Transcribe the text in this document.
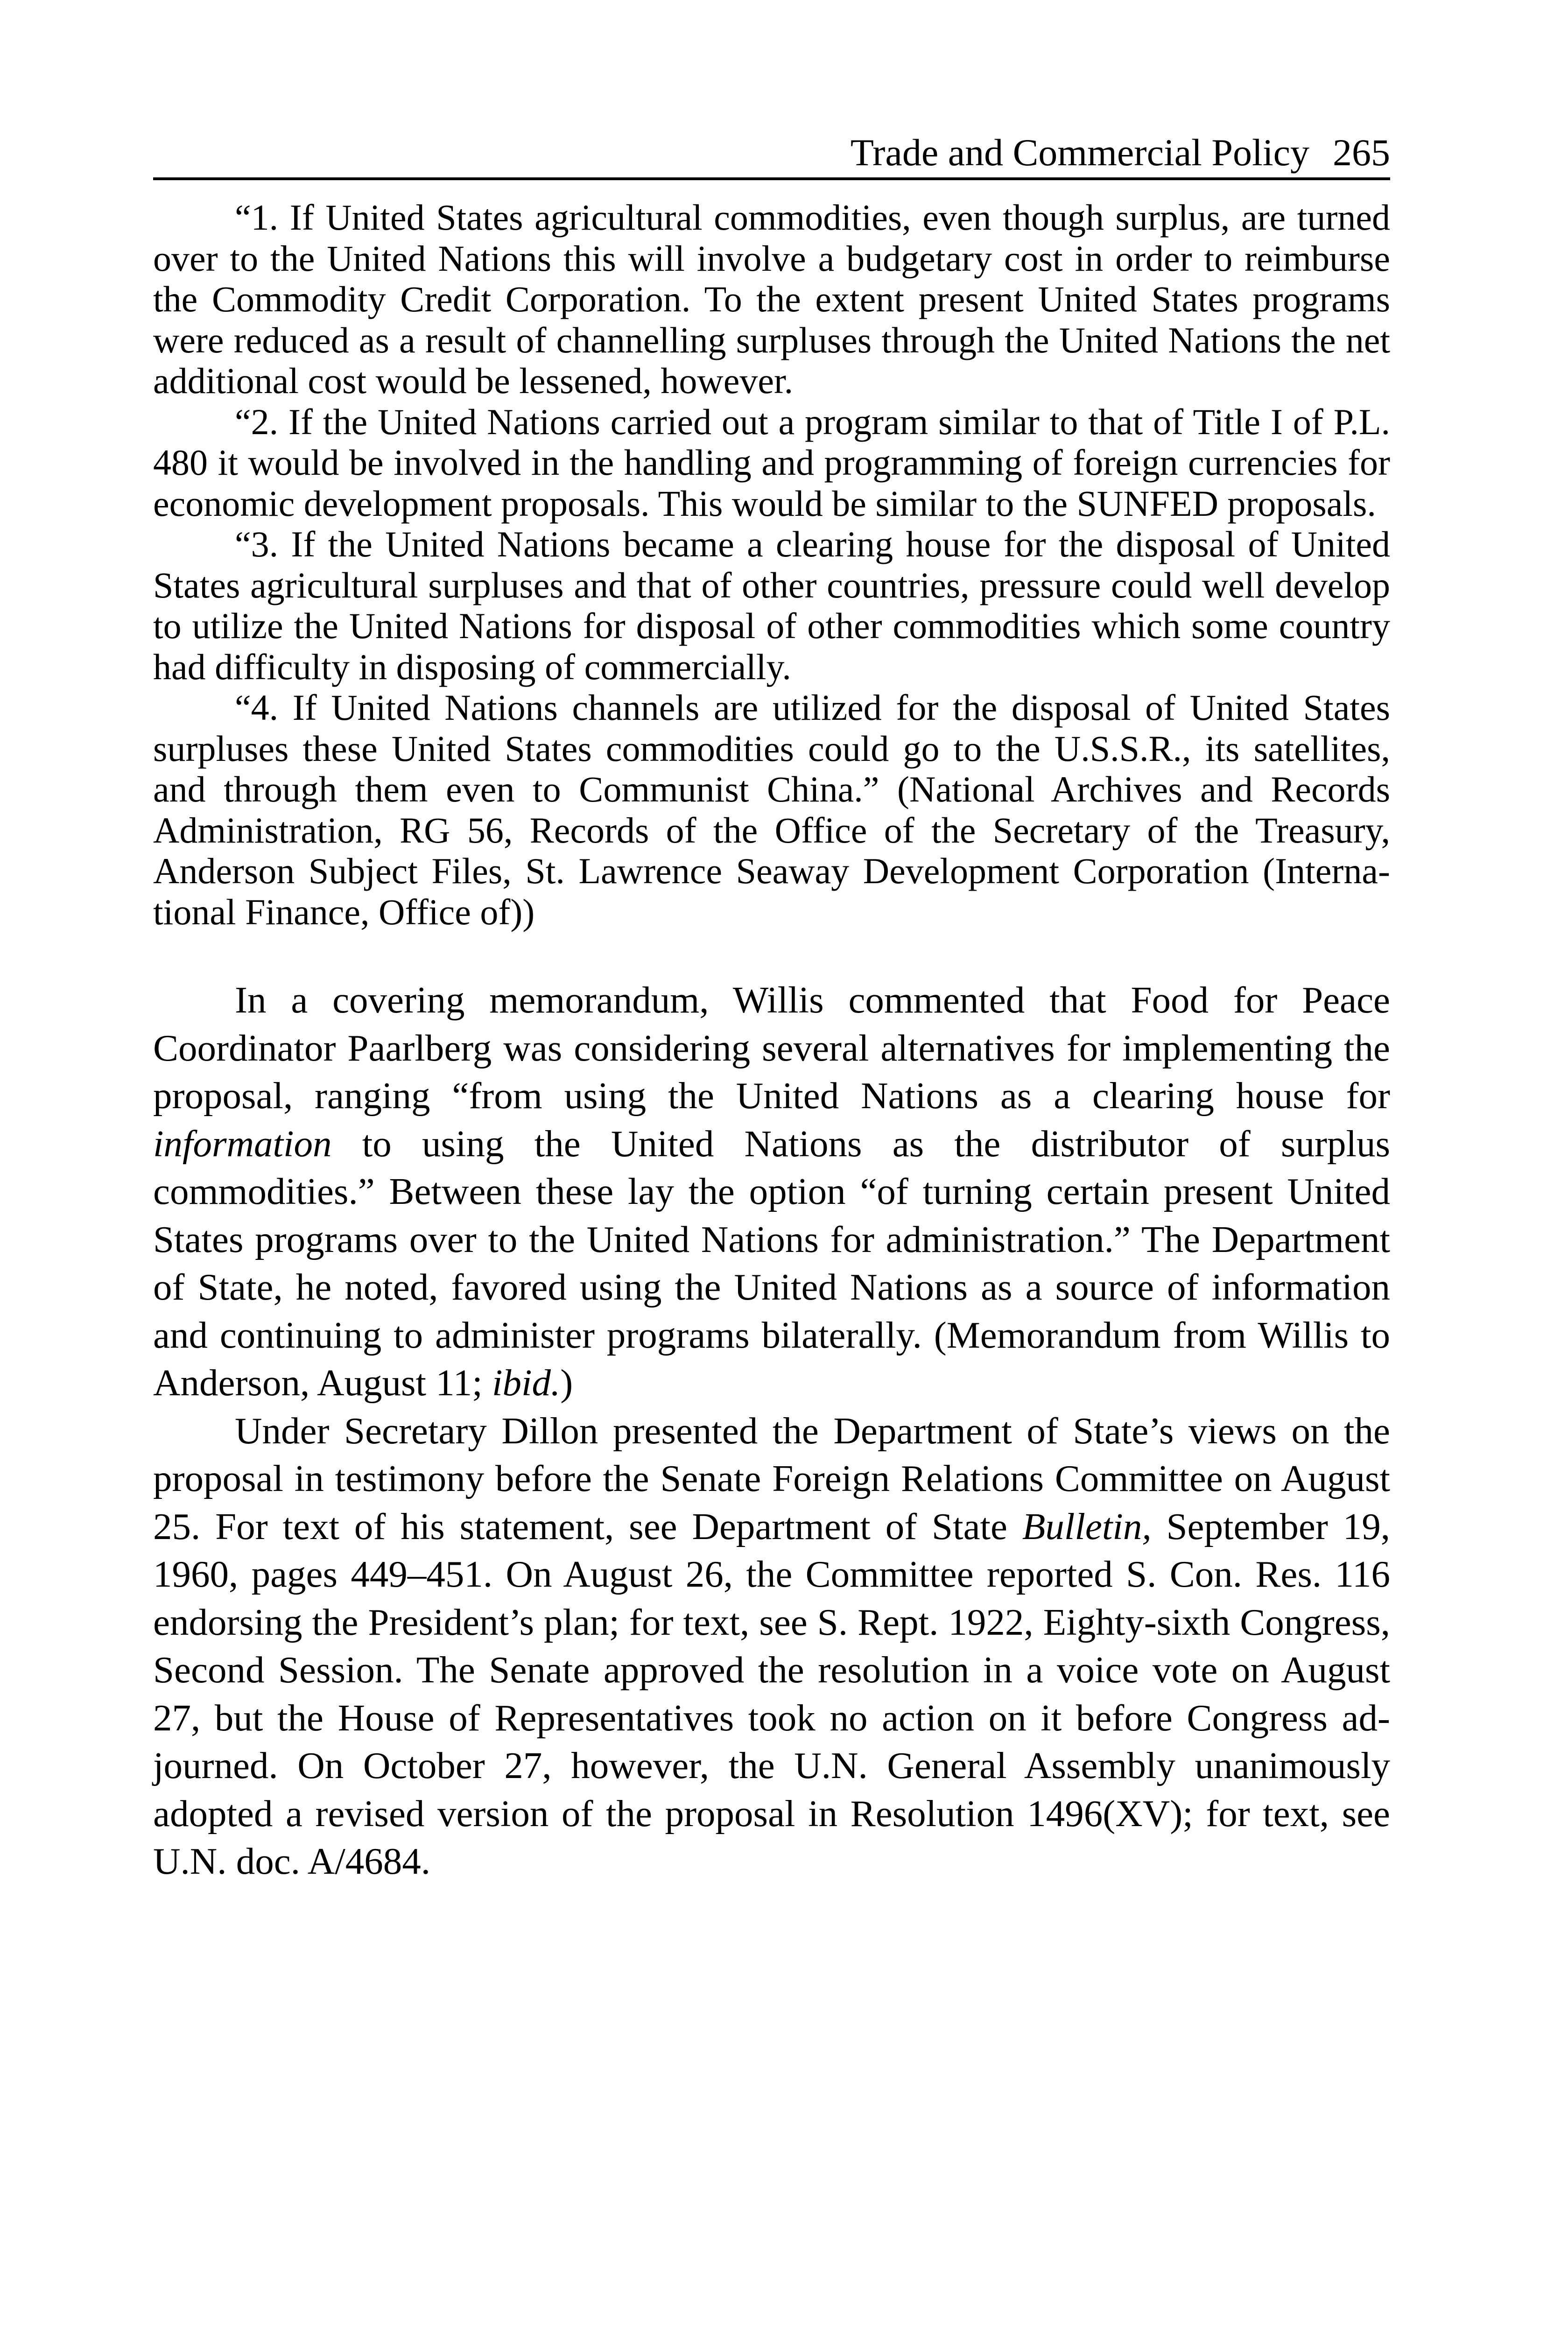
Trade and Commercial Policy 265

“1. If United States agricultural commodities, even though surplus, are turned over to the United Nations this will involve a budgetary cost in order to reimburse the Commodity Credit Corporation. To the extent present United States programs were reduced as a result of channelling surpluses through the United Nations the net additional cost would be lessened, however.

“2. If the United Nations carried out a program similar to that of Title I of P.L. 480 it would be involved in the handling and programming of foreign currencies for economic development proposals. This would be similar to the SUNFED proposals.

“3. If the United Nations became a clearing house for the disposal of United States agricultural surpluses and that of other countries, pressure could well develop to utilize the United Nations for disposal of other commodities which some country had difficulty in disposing of commercially.

“4. If United Nations channels are utilized for the disposal of United States surpluses these United States commodities could go to the U.S.S.R., its satellites, and through them even to Communist China.” (National Archives and Records Administration, RG 56, Records of the Office of the Secretary of the Treasury, Anderson Subject Files, St. Lawrence Seaway Development Corporation (International Finance, Office of))

In a covering memorandum, Willis commented that Food for Peace Coordinator Paarlberg was considering several alternatives for implementing the proposal, ranging “from using the United Nations as a clearing house for information to using the United Nations as the distributor of surplus commodities.” Between these lay the option “of turning certain present United States programs over to the United Nations for administration.” The Department of State, he noted, favored using the United Nations as a source of information and continuing to administer programs bilaterally. (Memorandum from Willis to Anderson, August 11; ibid.)

Under Secretary Dillon presented the Department of State’s views on the proposal in testimony before the Senate Foreign Relations Committee on August 25. For text of his statement, see Department of State Bulletin, September 19, 1960, pages 449–451. On August 26, the Committee reported S. Con. Res. 116 endorsing the President’s plan; for text, see S. Rept. 1922, Eighty-sixth Congress, Second Session. The Senate approved the resolution in a voice vote on August 27, but the House of Representatives took no action on it before Congress adjourned. On October 27, however, the U.N. General Assembly unanimously adopted a revised version of the proposal in Resolution 1496(XV); for text, see U.N. doc. A/4684.
